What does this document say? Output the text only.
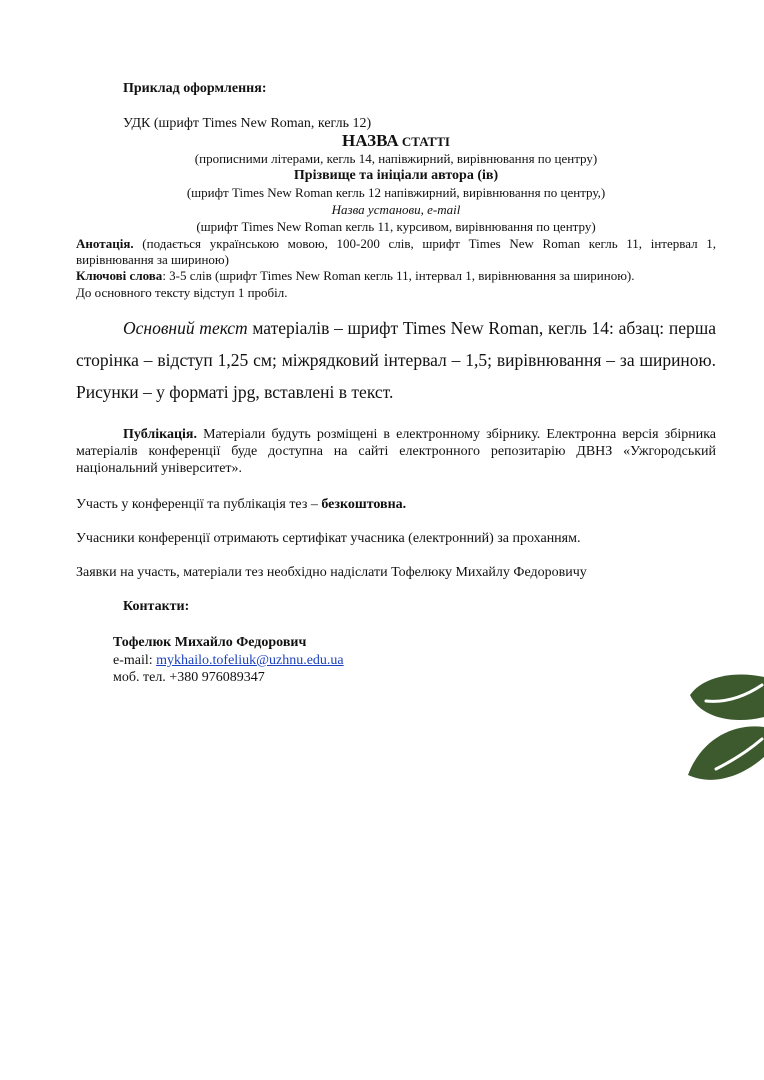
Приклад оформлення:
УДК (шрифт Times New Roman, кегль 12)
НАЗВА СТАТТІ
(прописними літерами, кегль 14, напівжирний, вирівнювання по центру)
Прізвище та ініціали автора (ів)
(шрифт Times New Roman кегль 12 напівжирний, вирівнювання по центру,)
Назва установи, e-mail
(шрифт Times New Roman кегль 11, курсивом, вирівнювання по центру)
Анотація. (подається українською мовою, 100-200 слів, шрифт Times New Roman кегль 11, інтервал 1, вирівнювання за шириною)
Ключові слова: 3-5 слів (шрифт Times New Roman кегль 11, інтервал 1, вирівнювання за шириною).
До основного тексту відступ 1 пробіл.
Основний текст матеріалів – шрифт Times New Roman, кегль 14: абзац: перша сторінка – відступ 1,25 см; міжрядковий інтервал – 1,5; вирівнювання – за шириною. Рисунки – у форматі jpg, вставлені в текст.
Публікація. Матеріали будуть розміщені в електронному збірнику. Електронна версія збірника матеріалів конференції буде доступна на сайті електронного репозитарію ДВНЗ «Ужгородський національний університет».
Участь у конференції та публікація тез – безкоштовна.
Учасники конференції отримають сертифікат учасника (електронний) за проханням.
Заявки на участь, матеріали тез необхідно надіслати Тофелюку Михайлу Федоровичу
Контакти:
Тофелюк Михайло Федорович
e-mail: mykhailo.tofeliuk@uzhnu.edu.ua
моб. тел. +380 976089347
